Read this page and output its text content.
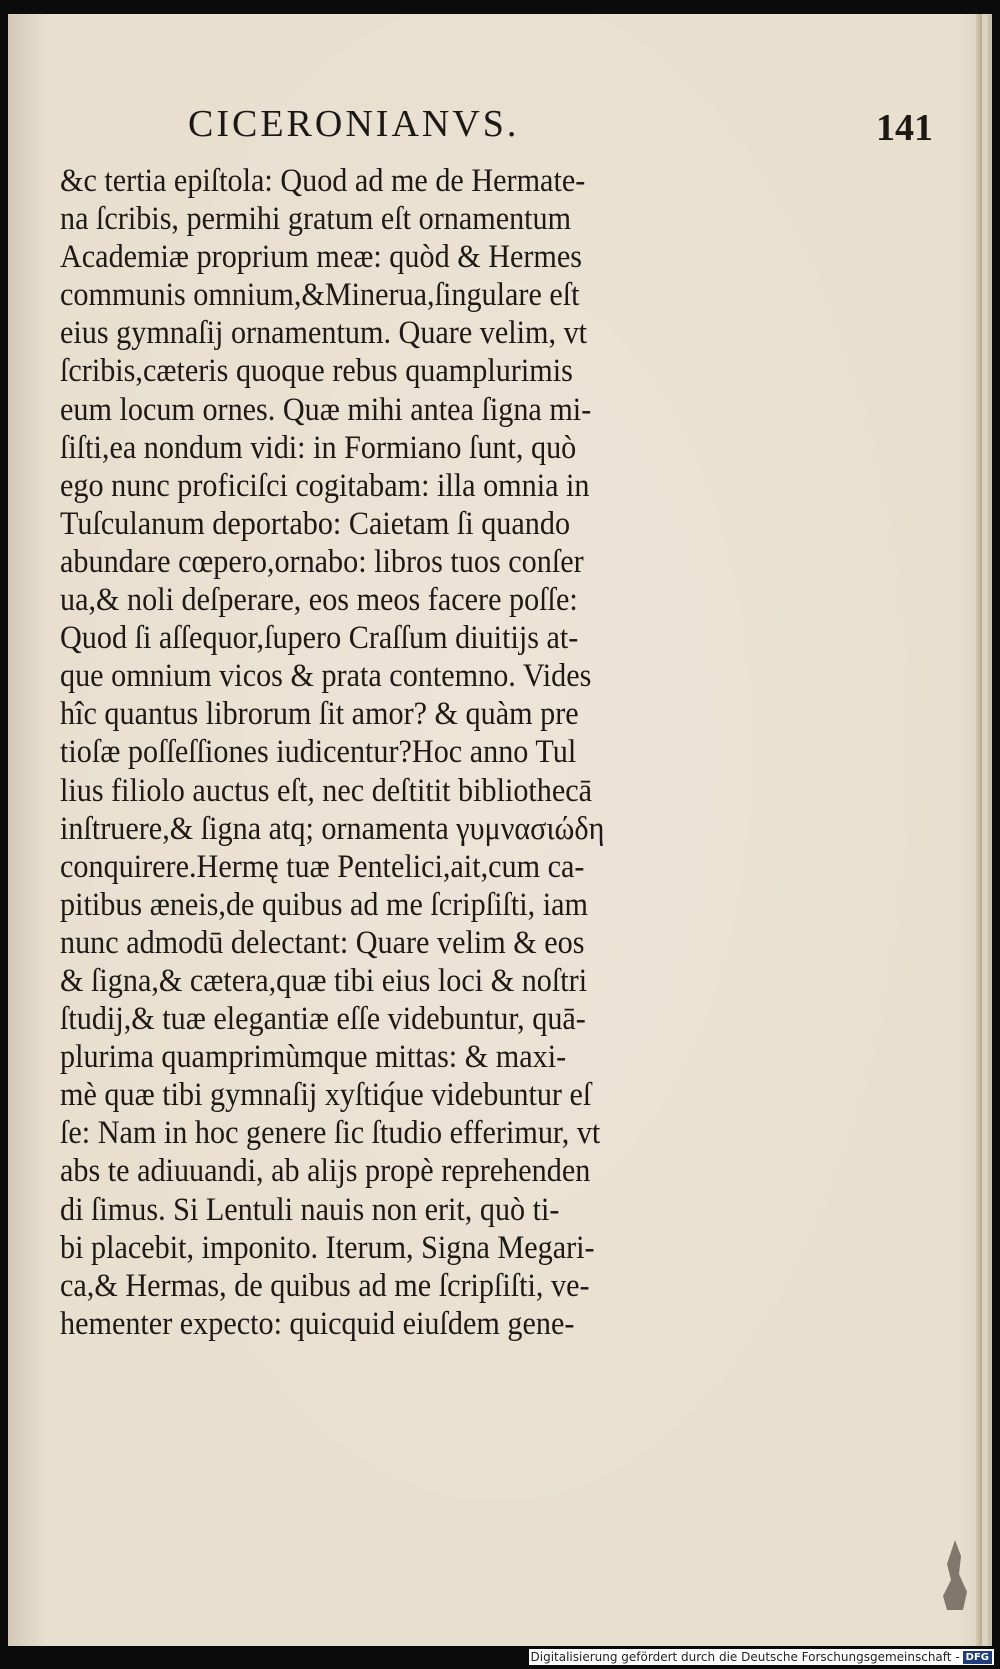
CICERONIANVS.	141
&c tertia epiſtola: Quod ad me de Hermate-
na ſcribis, permihi gratum eſt ornamentum
Academiæ proprium meæ: quòd & Hermes
communis omnium,&Minerua,ſingulare eſt
eius gymnaſij ornamentum. Quare velim, vt
ſcribis,cæteris quoque rebus quamplurimis
eum locum ornes. Quæ mihi antea ſigna mi-
ſiſti,ea nondum vidi: in Formiano ſunt, quò
ego nunc proficiſci cogitabam: illa omnia in
Tuſculanum deportabo: Caietam ſi quando
abundare cœpero,ornabo: libros tuos conſer
ua,& noli deſperare, eos meos facere poſſe:
Quod ſi aſſequor,ſupero Craſſum diuitijs at-
que omnium vicos & prata contemno. Vides
hîc quantus librorum ſit amor? & quàm pre
tioſæ poſſeſſiones iudicentur?Hoc anno Tul
lius filiolo auctus eſt, nec deſtitit bibliothecā
inſtruere,& ſigna atq; ornamenta γυμνασιώδη
conquirere.Hermę tuæ Pentelici,ait,cum ca-
pitibus æneis,de quibus ad me ſcripſiſti, iam
nunc admodū delectant: Quare velim & eos
& ſigna,& cætera,quæ tibi eius loci & noſtri
ſtudij,& tuæ elegantiæ eſſe videbuntur, quā-
plurima quamprimùmque mittas: & maxi-
mè quæ tibi gymnaſij xyſtiq́ue videbuntur eſ
ſe: Nam in hoc genere ſic ſtudio efferimur, vt
abs te adiuuandi, ab alijs propè reprehenden
di ſimus. Si Lentuli nauis non erit, quò ti-
bi placebit, imponito. Iterum, Signa Megari-
ca,& Hermas, de quibus ad me ſcripſiſti, ve-
hementer expecto: quicquid eiuſdem gene-
Digitalisierung gefördert durch die Deutsche Forschungsgemeinschaft - DFG
